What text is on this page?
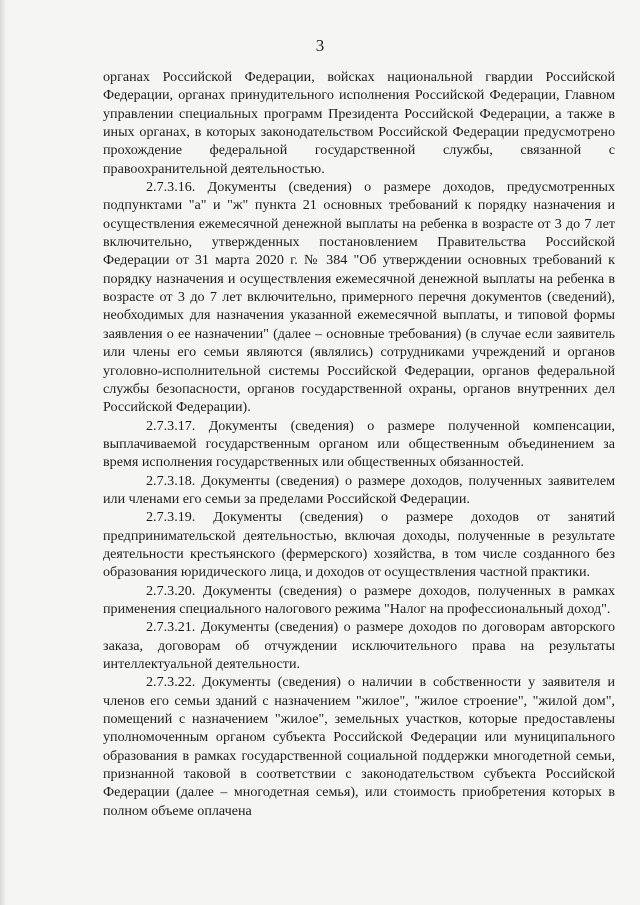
3

органах Российской Федерации, войсках национальной гвардии Российской Федерации, органах принудительного исполнения Российской Федерации, Главном управлении специальных программ Президента Российской Федерации, а также в иных органах, в которых законодательством Российской Федерации предусмотрено прохождение федеральной государственной службы, связанной с правоохранительной деятельностью.

2.7.3.16. Документы (сведения) о размере доходов, предусмотренных подпунктами "а" и "ж" пункта 21 основных требований к порядку назначения и осуществления ежемесячной денежной выплаты на ребенка в возрасте от 3 до 7 лет включительно, утвержденных постановлением Правительства Российской Федерации от 31 марта 2020 г. № 384 "Об утверждении основных требований к порядку назначения и осуществления ежемесячной денежной выплаты на ребенка в возрасте от 3 до 7 лет включительно, примерного перечня документов (сведений), необходимых для назначения указанной ежемесячной выплаты, и типовой формы заявления о ее назначении" (далее – основные требования) (в случае если заявитель или члены его семьи являются (являлись) сотрудниками учреждений и органов уголовно-исполнительной системы Российской Федерации, органов федеральной службы безопасности, органов государственной охраны, органов внутренних дел Российской Федерации).

2.7.3.17. Документы (сведения) о размере полученной компенсации, выплачиваемой государственным органом или общественным объединением за время исполнения государственных или общественных обязанностей.

2.7.3.18. Документы (сведения) о размере доходов, полученных заявителем или членами его семьи за пределами Российской Федерации.

2.7.3.19. Документы (сведения) о размере доходов от занятий предпринимательской деятельностью, включая доходы, полученные в результате деятельности крестьянского (фермерского) хозяйства, в том числе созданного без образования юридического лица, и доходов от осуществления частной практики.

2.7.3.20. Документы (сведения) о размере доходов, полученных в рамках применения специального налогового режима "Налог на профессиональный доход".

2.7.3.21. Документы (сведения) о размере доходов по договорам авторского заказа, договорам об отчуждении исключительного права на результаты интеллектуальной деятельности.

2.7.3.22. Документы (сведения) о наличии в собственности у заявителя и членов его семьи зданий с назначением "жилое", "жилое строение", "жилой дом", помещений с назначением "жилое", земельных участков, которые предоставлены уполномоченным органом субъекта Российской Федерации или муниципального образования в рамках государственной социальной поддержки многодетной семьи, признанной таковой в соответствии с законодательством субъекта Российской Федерации (далее – многодетная семья), или стоимость приобретения которых в полном объеме оплачена
